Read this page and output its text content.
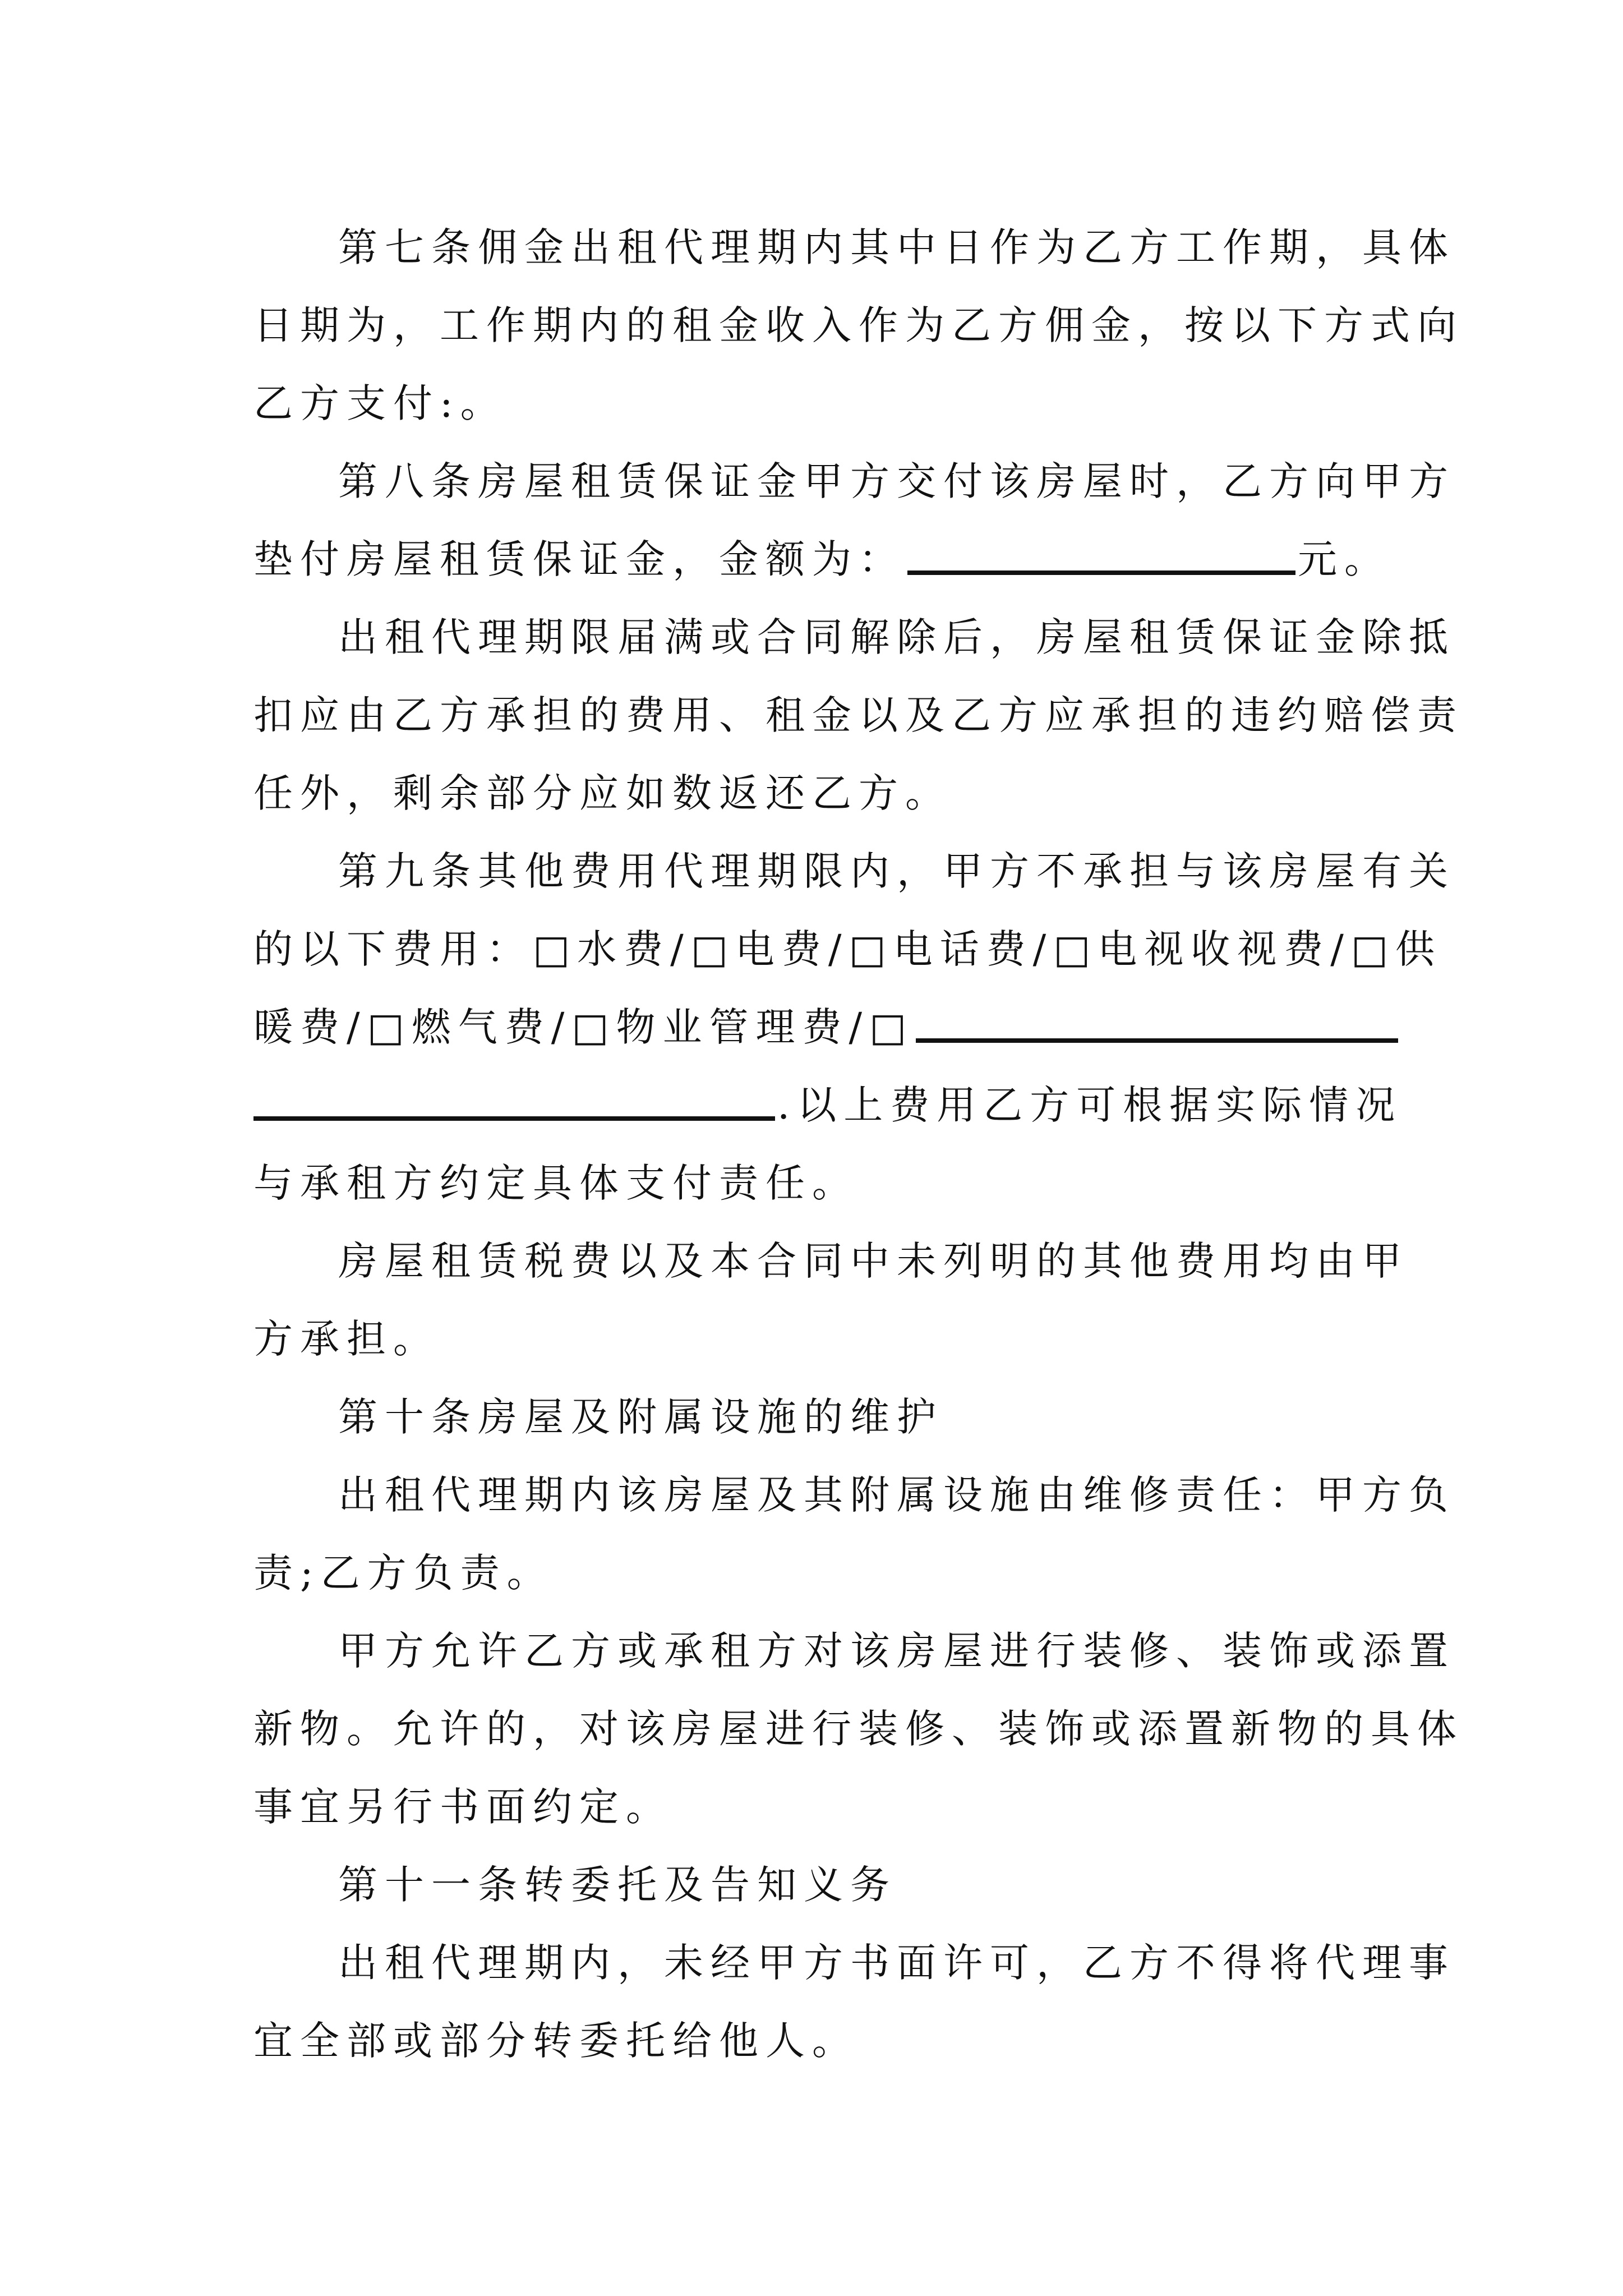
第七条佣金出租代理期内其中日作为乙方工作期，具体
日期为，工作期内的租金收入作为乙方佣金，按以下方式向
乙方支付:。
第八条房屋租赁保证金甲方交付该房屋时，乙方向甲方
垫付房屋租赁保证金，金额为：	元。
出租代理期限届满或合同解除后，房屋租赁保证金除抵
扣应由乙方承担的费用、租金以及乙方应承担的违约赔偿责
任外，剩余部分应如数返还乙方。
第九条其他费用代理期限内，甲方不承担与该房屋有关
的以下费用：□水费/□电费/□电话费/□电视收视费/□供
暖费/□燃气费/□物业管理费/□
.以上费用乙方可根据实际情况
与承租方约定具体支付责任。
房屋租赁税费以及本合同中未列明的其他费用均由甲
方承担。
第十条房屋及附属设施的维护
出租代理期内该房屋及其附属设施由维修责任：甲方负
责;乙方负责。
甲方允许乙方或承租方对该房屋进行装修、装饰或添置
新物。允许的，对该房屋进行装修、装饰或添置新物的具体
事宜另行书面约定。
第十一条转委托及告知义务
出租代理期内，未经甲方书面许可，乙方不得将代理事
宜全部或部分转委托给他人。
